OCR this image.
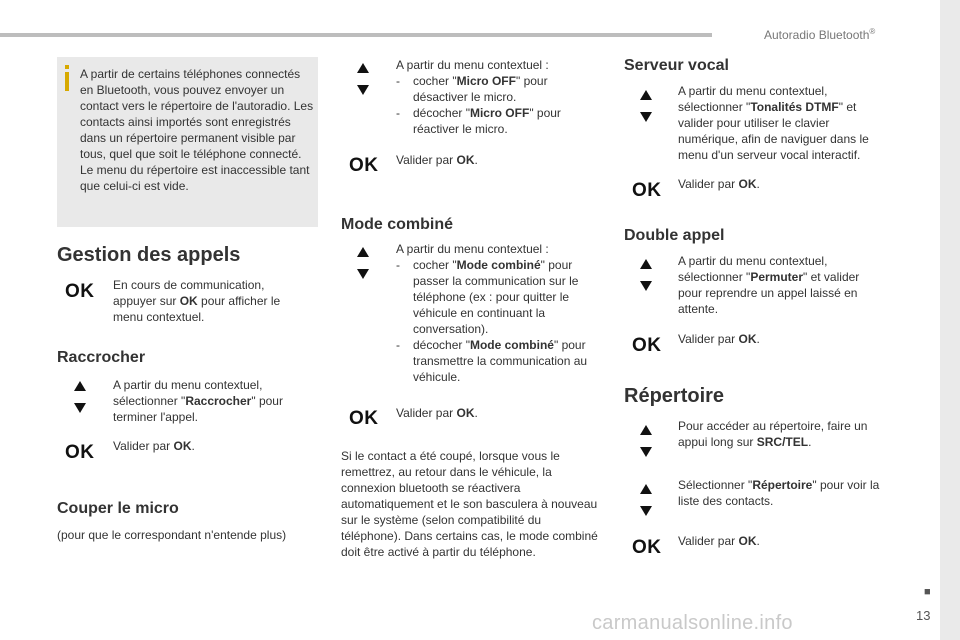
Autoradio Bluetooth®
■
13

A partir de certains téléphones connectés en Bluetooth, vous pouvez envoyer un contact vers le répertoire de l'autoradio. Les contacts ainsi importés sont enregistrés dans un répertoire permanent visible par tous, quel que soit le téléphone connecté. Le menu du répertoire est inaccessible tant que celui-ci est vide.

Gestion des appels
OK En cours de communication, appuyer sur OK pour afficher le menu contextuel.

Raccrocher

A partir du menu contextuel, sélectionner "Raccrocher" pour terminer l'appel.

OK Valider par OK.

Couper le micro

(pour que le correspondant n'entende plus)

A partir du menu contextuel :

- cocher "Micro OFF" pour désactiver le micro.
- décocher "Micro OFF" pour réactiver le micro.
OK Valider par OK.

Mode combiné

A partir du menu contextuel :

- cocher "Mode combiné" pour passer la communication sur le téléphone (ex : pour quitter le véhicule en continuant la conversation).
- décocher "Mode combiné" pour transmettre la communication au véhicule.
OK Valider par OK.

Si le contact a été coupé, lorsque vous le remettrez, au retour dans le véhicule, la connexion bluetooth se réactivera automatiquement et le son basculera à nouveau sur le système (selon compatibilité du téléphone). Dans certains cas, le mode combiné doit être activé à partir du téléphone.

Serveur vocal

A partir du menu contextuel, sélectionner "Tonalités DTMF" et valider pour utiliser le clavier numérique, afin de naviguer dans le menu d'un serveur vocal interactif.

OK Valider par OK.

Double appel

A partir du menu contextuel, sélectionner "Permuter" et valider pour reprendre un appel laissé en attente.

OK Valider par OK.

Répertoire

Pour accéder au répertoire, faire un appui long sur SRC/TEL.

Sélectionner "Répertoire" pour voir la liste des contacts.

OK Valider par OK.

carmanualsonline.info
